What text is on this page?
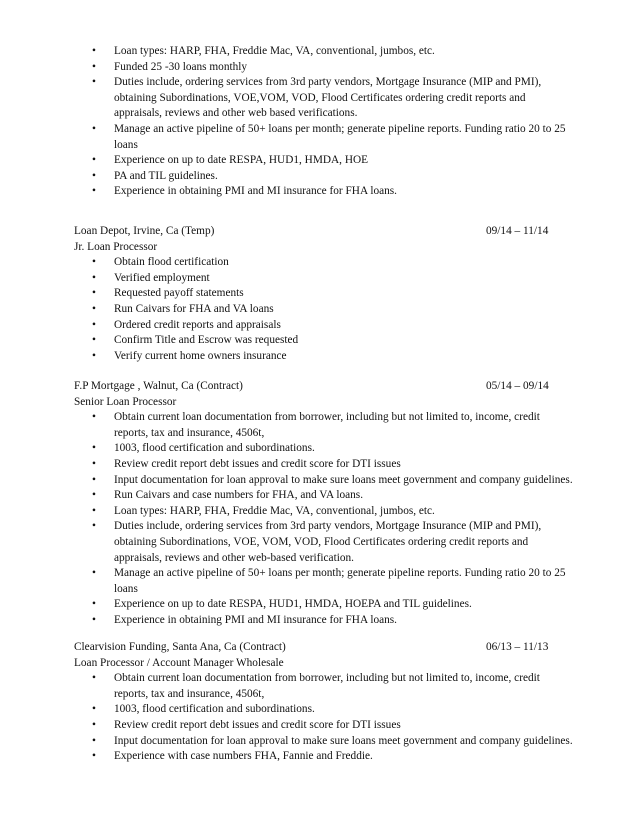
• Loan types: HARP, FHA, Freddie Mac, VA, conventional, jumbos, etc.
• Funded 25 -30 loans monthly
• Duties include, ordering services from 3rd party vendors, Mortgage Insurance (MIP and PMI),
obtaining Subordinations, VOE,VOM, VOD, Flood Certificates ordering credit reports and
appraisals, reviews and other web based verifications.
• Manage an active pipeline of 50+ loans per month; generate pipeline reports. Funding ratio 20 to 25
loans
• Experience on up to date RESPA, HUD1, HMDA, HOE
• PA and TIL guidelines.
• Experience in obtaining PMI and MI insurance for FHA loans.
Loan Depot, Irvine, Ca (Temp)	09/14 – 11/14
Jr. Loan Processor
• Obtain flood certification
• Verified employment
• Requested payoff statements
• Run Caivars for FHA and VA loans
• Ordered credit reports and appraisals
• Confirm Title and Escrow was requested
• Verify current home owners insurance
F.P Mortgage , Walnut, Ca (Contract)	05/14 – 09/14
Senior Loan Processor
• Obtain current loan documentation from borrower, including but not limited to, income, credit
reports, tax and insurance, 4506t,
• 1003, flood certification and subordinations.
• Review credit report debt issues and credit score for DTI issues
• Input documentation for loan approval to make sure loans meet government and company guidelines.
• Run Caivars and case numbers for FHA, and VA loans.
• Loan types: HARP, FHA, Freddie Mac, VA, conventional, jumbos, etc.
• Duties include, ordering services from 3rd party vendors, Mortgage Insurance (MIP and PMI),
obtaining Subordinations, VOE, VOM, VOD, Flood Certificates ordering credit reports and
appraisals, reviews and other web-based verification.
• Manage an active pipeline of 50+ loans per month; generate pipeline reports. Funding ratio 20 to 25
loans
• Experience on up to date RESPA, HUD1, HMDA, HOEPA and TIL guidelines.
• Experience in obtaining PMI and MI insurance for FHA loans.
Clearvision Funding, Santa Ana, Ca (Contract)	06/13 – 11/13
Loan Processor / Account Manager Wholesale
• Obtain current loan documentation from borrower, including but not limited to, income, credit
reports, tax and insurance, 4506t,
• 1003, flood certification and subordinations.
• Review credit report debt issues and credit score for DTI issues
• Input documentation for loan approval to make sure loans meet government and company guidelines.
• Experience with case numbers FHA, Fannie and Freddie.
